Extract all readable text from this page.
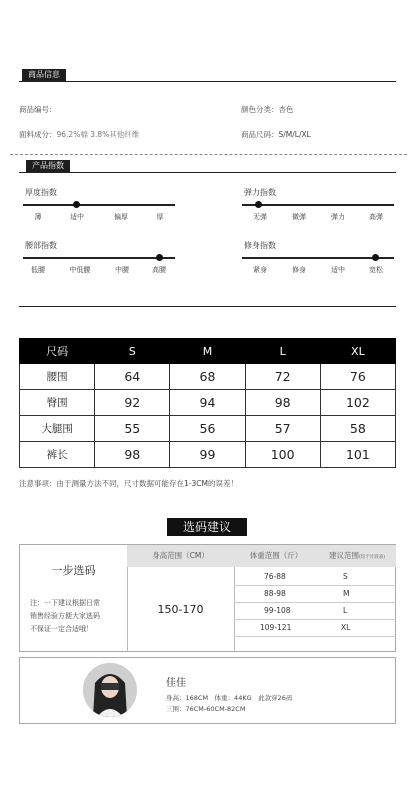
商品信息
商品编号：	颜色分类：杏色
面料成分：96.2%棉 3.8%其他纤维	商品尺码：S/M/L/XL
产品指数
厚度指数
薄	适中	偏厚	厚
弹力指数
无弹	微弹	弹力	高弹
腰部指数
低腰	中低腰	中腰	高腰
修身指数
紧身	修身	适中	宽松
尺码	S	M	L	XL
腰围	64	68	72	76
臀围	92	94	98	102
大腿围	55	56	57	58
裤长	98	99	100	101
注意事项：由于测量方法不同，尺寸数据可能存在1-3CM的误差！
选码建议
一步选码
注：一下建议根据日常
销售经验方便大家选码
不保证一定合适哦！
身高范围（CM）	体重范围（斤）	建议范围(均于片段表)
150-170
76-88	S
88-98	M
99-108	L
109-121	XL
佳佳
身高：168CM　体重：44KG　此款穿26码
三围：76CM-60CM-82CM
